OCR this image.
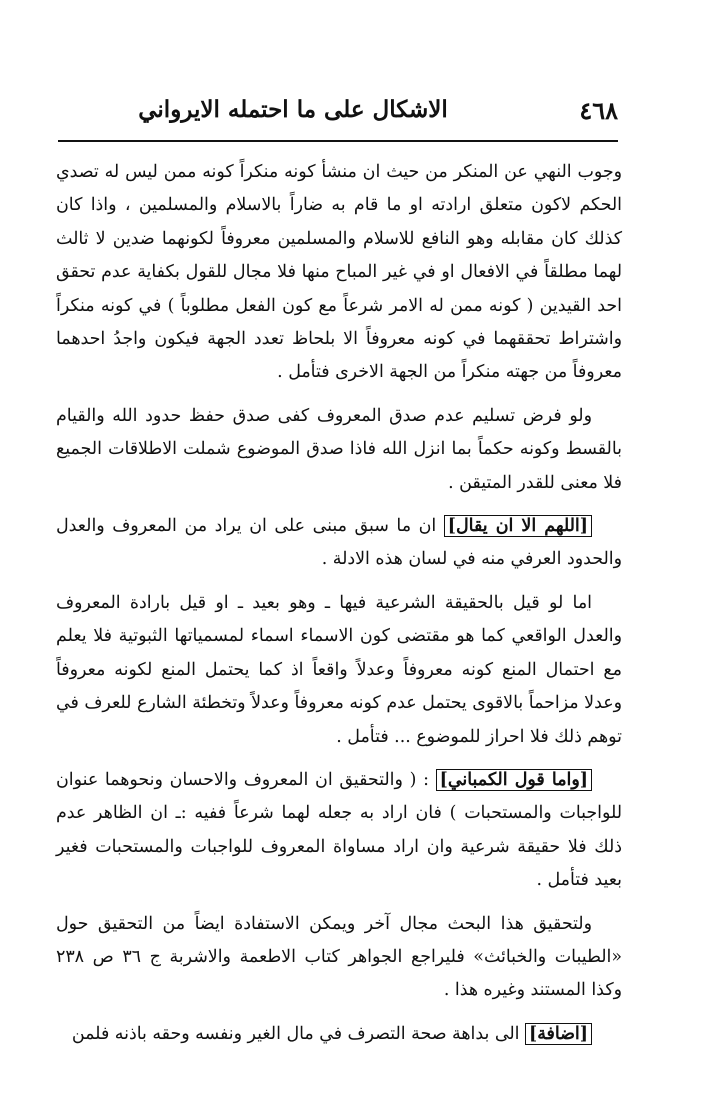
٤٦٨
الاشكال على ما احتمله الايرواني

وجوب النهي عن المنكر من حيث ان منشأ كونه منكراً كونه ممن ليس له تصدي الحكم لاكون متعلق ارادته او ما قام به ضاراً بالاسلام والمسلمين ، واذا كان كذلك كان مقابله وهو النافع للاسلام والمسلمين معروفاً لكونهما ضدين لا ثالث لهما مطلقاً في الافعال او في غير المباح منها فلا مجال للقول بكفاية عدم تحقق احد القيدين ( كونه ممن له الامر شرعاً مع كون الفعل مطلوباً ) في كونه منكراً واشتراط تحققهما في كونه معروفاً الا بلحاظ تعدد الجهة فيكون واجدُ احدهما معروفاً من جهته منكراً من الجهة الاخرى فتأمل .

ولو فرض تسليم عدم صدق المعروف كفى صدق حفظ حدود الله والقيام بالقسط وكونه حكماً بما انزل الله فاذا صدق الموضوع شملت الاطلاقات الجميع فلا معنى للقدر المتيقن .

[اللهم الا ان يقال] ان ما سبق مبنى على ان يراد من المعروف والعدل والحدود العرفي منه في لسان هذه الادلة .

اما لو قيل بالحقيقة الشرعية فيها ـ وهو بعيد ـ او قيل بارادة المعروف والعدل الواقعي كما هو مقتضى كون الاسماء اسماء لمسمياتها الثبوتية فلا يعلم مع احتمال المنع كونه معروفاً وعدلاً واقعاً اذ كما يحتمل المنع لكونه معروفاً وعدلا مزاحماً بالاقوى يحتمل عدم كونه معروفاً وعدلاً وتخطئة الشارع للعرف في توهم ذلك فلا احراز للموضوع ... فتأمل .

[واما قول الكمباني] : ( والتحقيق ان المعروف والاحسان ونحوهما عنوان للواجبات والمستحبات ) فان اراد به جعله لهما شرعاً ففيه :ـ ان الظاهر عدم ذلك فلا حقيقة شرعية وان اراد مساواة المعروف للواجبات والمستحبات فغير بعيد فتأمل .

ولتحقيق هذا البحث مجال آخر ويمكن الاستفادة ايضاً من التحقيق حول «الطيبات والخبائث» فليراجع الجواهر كتاب الاطعمة والاشربة ج ٣٦ ص ٢٣٨ وكذا المستند وغيره هذا .

[اضافة] الى بداهة صحة التصرف في مال الغير ونفسه وحقه باذنه فلمن
